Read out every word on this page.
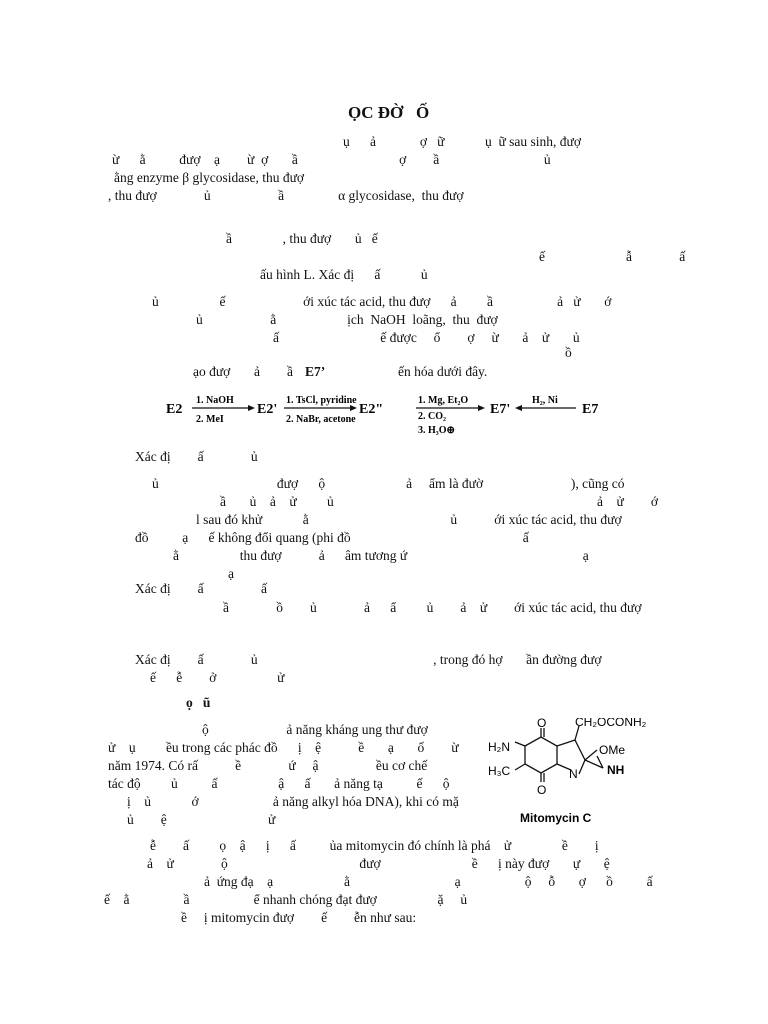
ỌC ĐỜ   Ố
ụ      ả             ợ   ữ            ụ  ữ sau sinh, đượ
ừ      ằ          đượ    ạ        ừ  ợ       ầ                              ợ        ầ                               ủ
ằng enzyme β glycosidase, thu đượ
, thu đượ              ủ                    ầ                α glycosidase,  thu đượ
ầ               , thu đượ       ủ   ế
ế                        ẫ              ấ
ấu hình L. Xác đị      ấ            ủ
ủ                  ế                       ới xúc tác acid, thu đượ      ả         ầ                   ả   ử       ớ
ủ                    ằ                     ịch  NaOH  loãng,  thu  đượ
ấ                              ế được     ổ        ợ     ừ       ả    ử       ủ
ồ
ạo đượ       ả        ầ	ến hóa dưới đây.
Xác đị        ấ              ủ
ủ                                   đượ      ộ                        ả     ẩm là đườ                          ), cũng có
ầ       ủ    ả    ử         ủ                                                                              ả    ử        ớ
l sau đó khử            ằ                                          ủ           ới xúc tác acid, thu đượ
đồ          ạ      ế không đổi quang (phi đồ                                                   ấ
ằ                  thu đượ           ả      âm tương ứ                                                    ạ
ạ
Xác đị        ấ                 ấ
ầ              ồ        ủ              ả      ẩ         ủ        ả    ử        ới xúc tác acid, thu đượ
Xác đị        ấ              ủ                                                    , trong đó hợ       ần đường đượ
ế      ễ        ở                  ử
ộ                       ả năng kháng ung thư đượ
ử    ụ         ều trong các phác đồ      ị    ệ           ề       ạ       ố        ừ
năm 1974. Có rấ           ề              ứ     ậ                 ều cơ chế
tác độ         ủ          ấ                  ậ      ấ       ả năng tạ          ế      ộ
ị    ủ            ớ                      ả năng alkyl hóa DNA), khi có mặ
ủ        ệ                              ử
ễ        ấ         ọ    ậ      ị      ấ          ủa mitomycin đó chính là phá    ử               ề        ị
ả    ử              ộ                                       đượ                           ề      ị này đượ       ự       ệ
ả  ứng đạ    ạ                     ằ                               ạ                   ộ     ỗ       ợ      ồ          ấ
ế    ằ                ầ                   ể nhanh chóng đạt đượ                  ặ     ủ
ề     ị mitomycin đượ        ế        ễn như sau:
E7’
ọ   ũ
E2
1. NaOH
2. MeI
E2'
1. TsCl, pyridine
2. NaBr, acetone
E2"
1. Mg, Et₂O
2. CO₂
3. H₃O⊕
E7'
H₂, Ni
E7
O CH₂OCONH₂
H₂N	OMe
NH
H₃C	N
O
Mitomycin C
